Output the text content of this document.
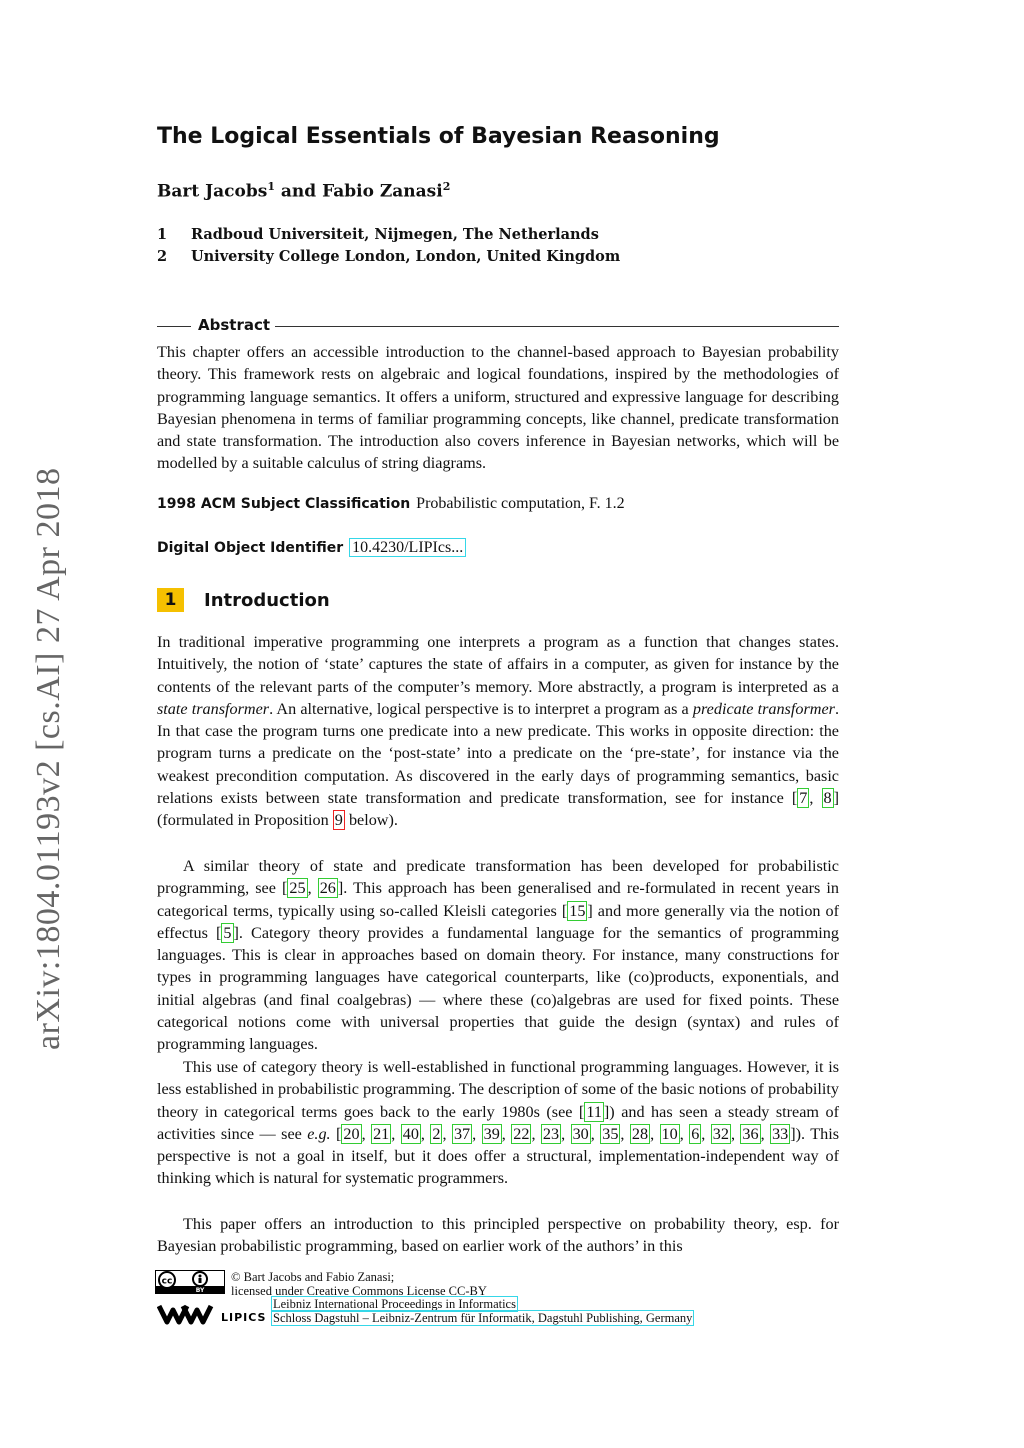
arXiv:1804.01193v2 [cs.AI] 27 Apr 2018
The Logical Essentials of Bayesian Reasoning
Bart Jacobs$^1$ and Fabio Zanasi$^2$
1 Radboud Universiteit, Nijmegen, The Netherlands
2 University College London, London, United Kingdom
Abstract
This chapter offers an accessible introduction to the channel-based approach to Bayesian probability theory. This framework rests on algebraic and logical foundations, inspired by the methodologies of programming language semantics. It offers a uniform, structured and expressive language for describing Bayesian phenomena in terms of familiar programming concepts, like channel, predicate transformation and state transformation. The introduction also covers inference in Bayesian networks, which will be modelled by a suitable calculus of string diagrams.
1998 ACM Subject Classification Probabilistic computation, F. 1.2
Digital Object Identifier 10.4230/LIPIcs...
1 Introduction
In traditional imperative programming one interprets a program as a function that changes states. Intuitively, the notion of ‘state’ captures the state of affairs in a computer, as given for instance by the contents of the relevant parts of the computer’s memory. More abstractly, a program is interpreted as a state transformer. An alternative, logical perspective is to interpret a program as a predicate transformer. In that case the program turns one predicate into a new predicate. This works in opposite direction: the program turns a predicate on the ‘post-state’ into a predicate on the ‘pre-state’, for instance via the weakest precondition computation. As discovered in the early days of programming semantics, basic relations exists between state transformation and predicate transformation, see for instance [ 7 , 8 ] (formulated in Proposition 9 below).
A similar theory of state and predicate transformation has been developed for probabilistic programming, see [ 25 , 26 ]. This approach has been generalised and re-formulated in recent years in categorical terms, typically using so-called Kleisli categories [ 15 ] and more generally via the notion of effectus [ 5 ]. Category theory provides a fundamental language for the semantics of programming languages. This is clear in approaches based on domain theory. For instance, many constructions for types in programming languages have categorical counterparts, like (co)products, exponentials, and initial algebras (and final coalgebras) — where these (co)algebras are used for fixed points. These categorical notions come with universal properties that guide the design (syntax) and rules of programming languages.
This use of category theory is well-established in functional programming languages. However, it is less established in probabilistic programming. The description of some of the basic notions of probability theory in categorical terms goes back to the early 1980s (see [ 11 ]) and has seen a steady stream of activities since — see e.g. [ 20 , 21 , 40 , 2 , 37 , 39 , 22 , 23 , 30 , 35 , 28 , 10 , 6 , 32 , 36 , 33 ]). This perspective is not a goal in itself, but it does offer a structural, implementation-independent way of thinking which is natural for systematic programmers.
This paper offers an introduction to this principled perspective on probability theory, esp. for Bayesian probabilistic programming, based on earlier work of the authors’ in this
cc
BY
© Bart Jacobs and Fabio Zanasi;
licensed under Creative Commons License CC-BY
LIPICS
Leibniz International Proceedings in Informatics
Schloss Dagstuhl – Leibniz-Zentrum für Informatik, Dagstuhl Publishing, Germany
